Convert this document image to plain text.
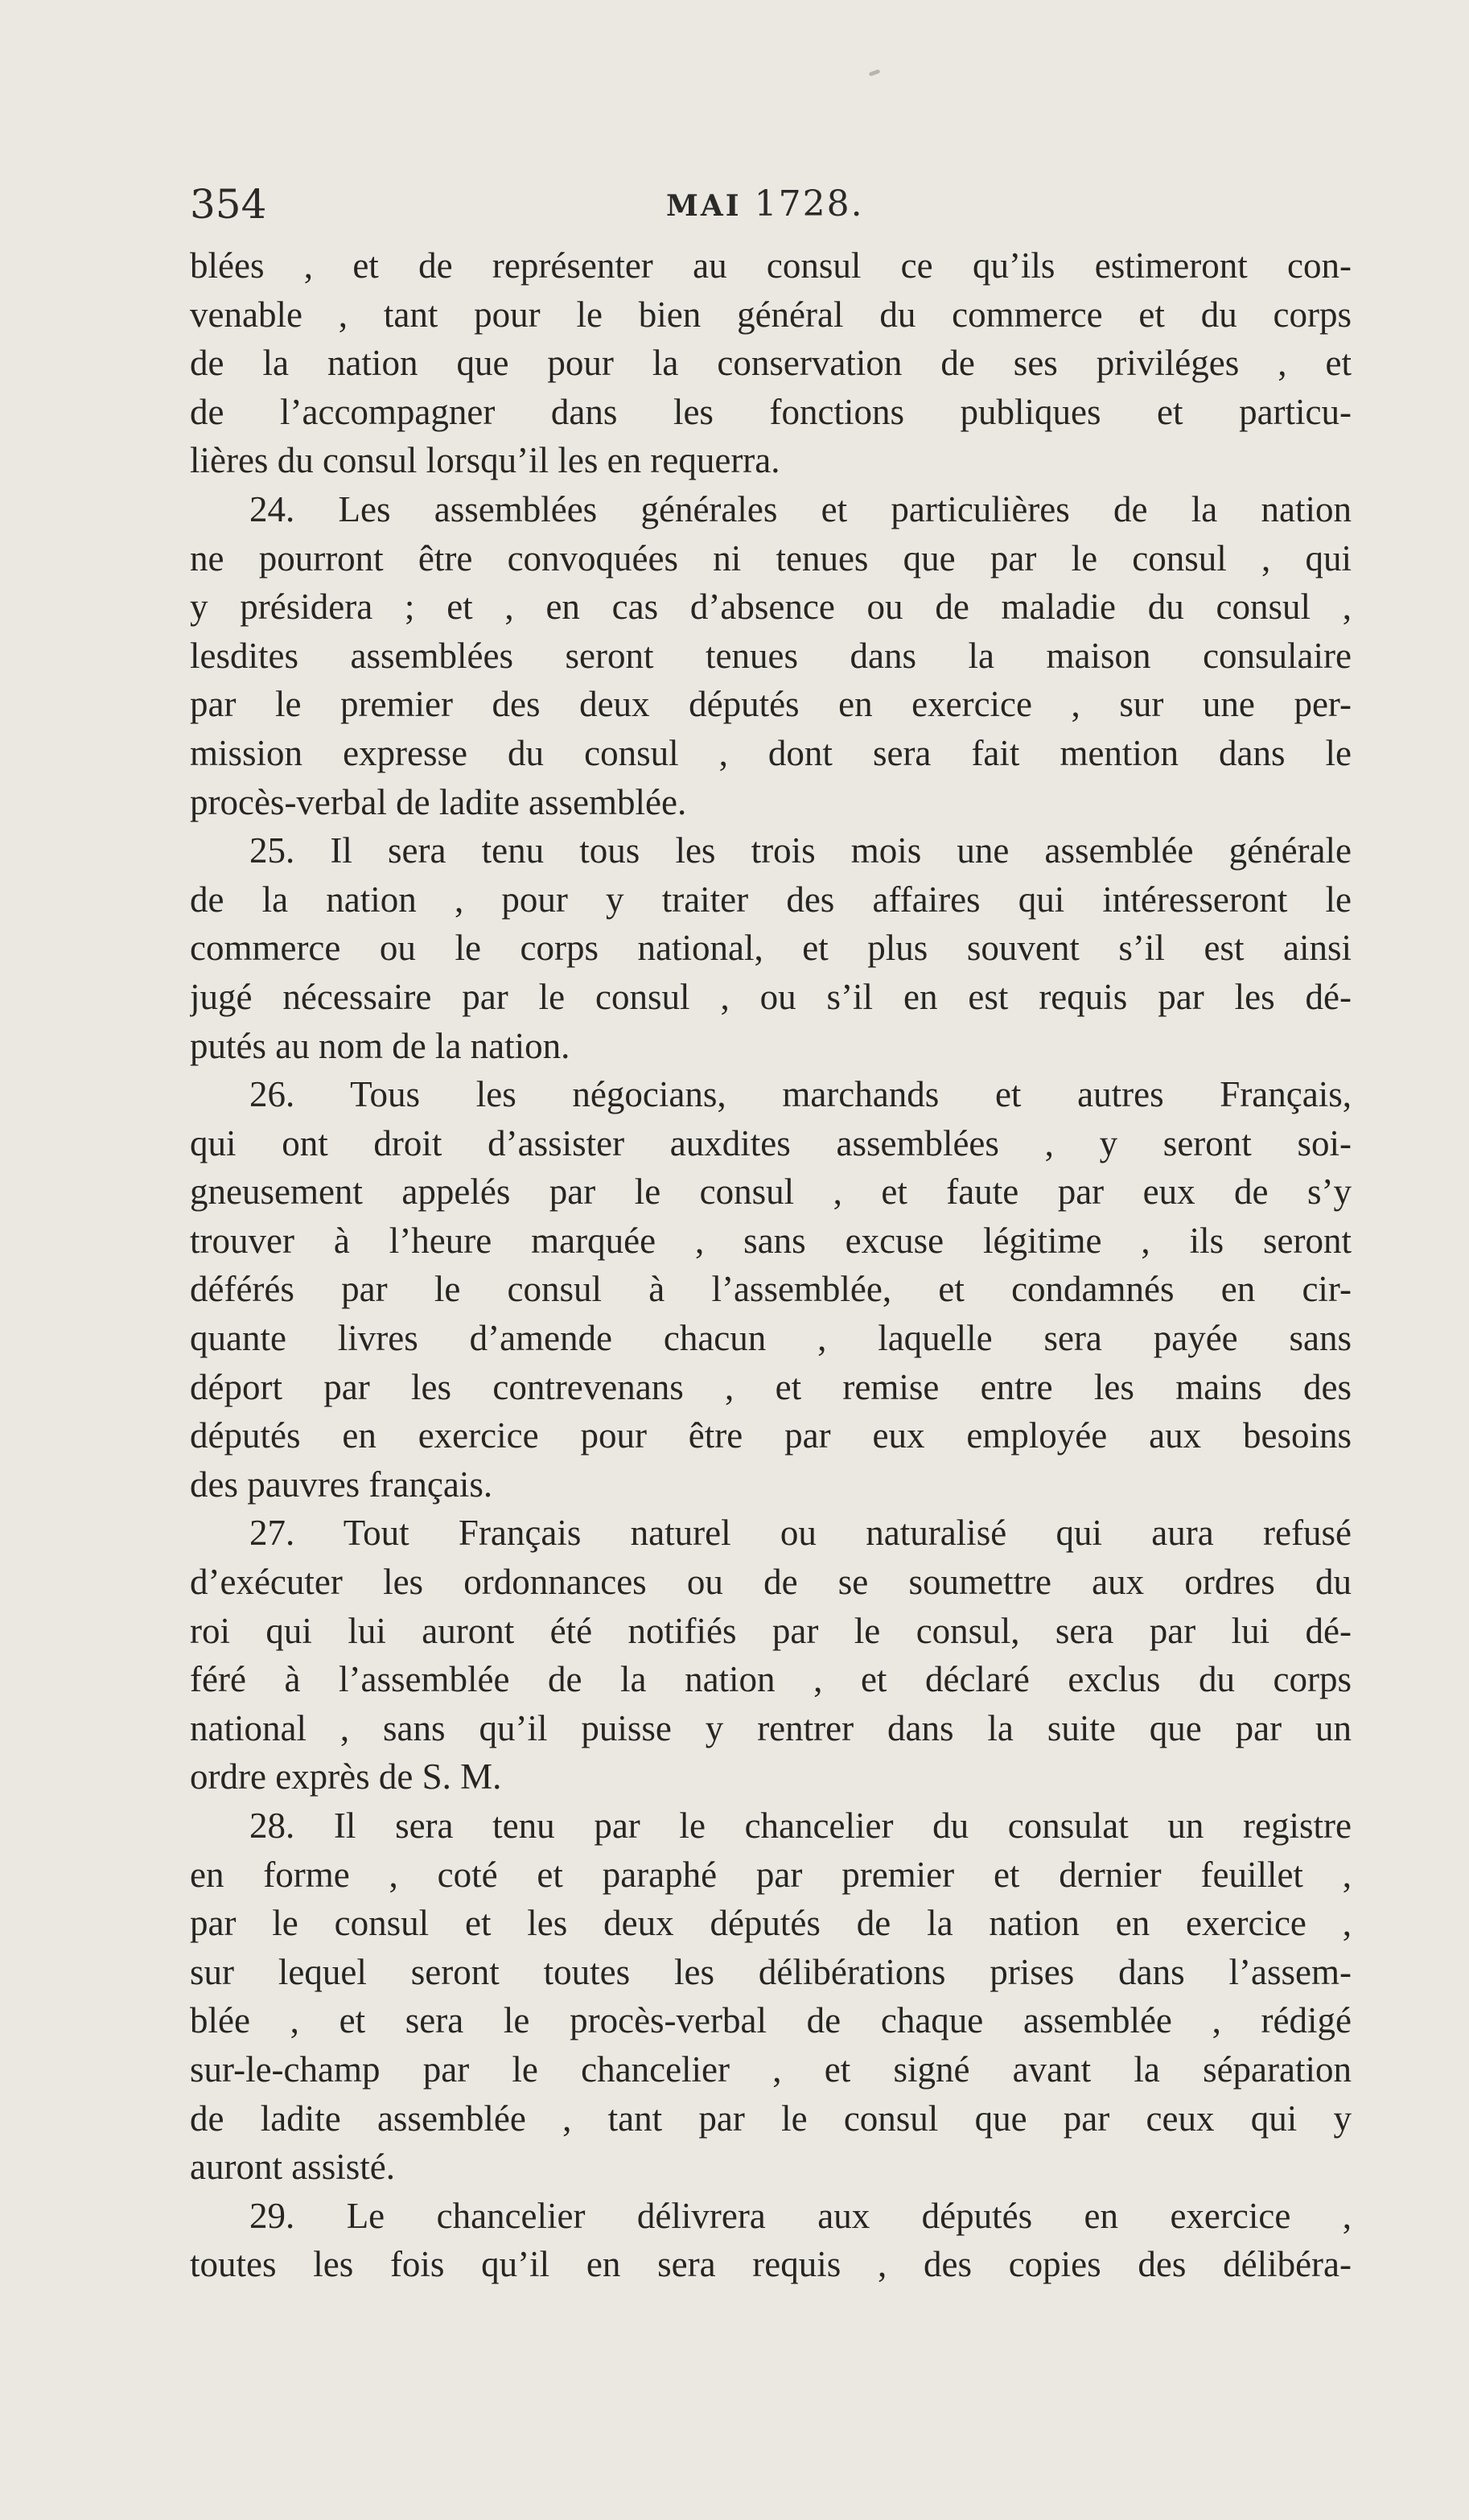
354	MAI 1728.
blées , et de représenter au consul ce qu’ils estimeront con-
venable , tant pour le bien général du commerce et du corps
de la nation que pour la conservation de ses priviléges , et
de l’accompagner dans les fonctions publiques et particu-
lières du consul lorsqu’il les en requerra.
24. Les assemblées générales et particulières de la nation
ne pourront être convoquées ni tenues que par le consul , qui
y présidera ; et , en cas d’absence ou de maladie du consul ,
lesdites assemblées seront tenues dans la maison consulaire
par le premier des deux députés en exercice , sur une per-
mission expresse du consul , dont sera fait mention dans le
procès-verbal de ladite assemblée.
25. Il sera tenu tous les trois mois une assemblée générale
de la nation , pour y traiter des affaires qui intéresseront le
commerce ou le corps national, et plus souvent s’il est ainsi
jugé nécessaire par le consul , ou s’il en est requis par les dé-
putés au nom de la nation.
26. Tous les négocians, marchands et autres Français,
qui ont droit d’assister auxdites assemblées , y seront soi-
gneusement appelés par le consul , et faute par eux de s’y
trouver à l’heure marquée , sans excuse légitime , ils seront
déférés par le consul à l’assemblée, et condamnés en cir-
quante livres d’amende chacun , laquelle sera payée sans
déport par les contrevenans , et remise entre les mains des
députés en exercice pour être par eux employée aux besoins
des pauvres français.
27. Tout Français naturel ou naturalisé qui aura refusé
d’exécuter les ordonnances ou de se soumettre aux ordres du
roi qui lui auront été notifiés par le consul, sera par lui dé-
féré à l’assemblée de la nation , et déclaré exclus du corps
national , sans qu’il puisse y rentrer dans la suite que par un
ordre exprès de S. M.
28. Il sera tenu par le chancelier du consulat un registre
en forme , coté et paraphé par premier et dernier feuillet ,
par le consul et les deux députés de la nation en exercice ,
sur lequel seront toutes les délibérations prises dans l’assem-
blée , et sera le procès-verbal de chaque assemblée , rédigé
sur-le-champ par le chancelier , et signé avant la séparation
de ladite assemblée , tant par le consul que par ceux qui y
auront assisté.
29. Le chancelier délivrera aux députés en exercice ,
toutes les fois qu’il en sera requis , des copies des délibéra-
